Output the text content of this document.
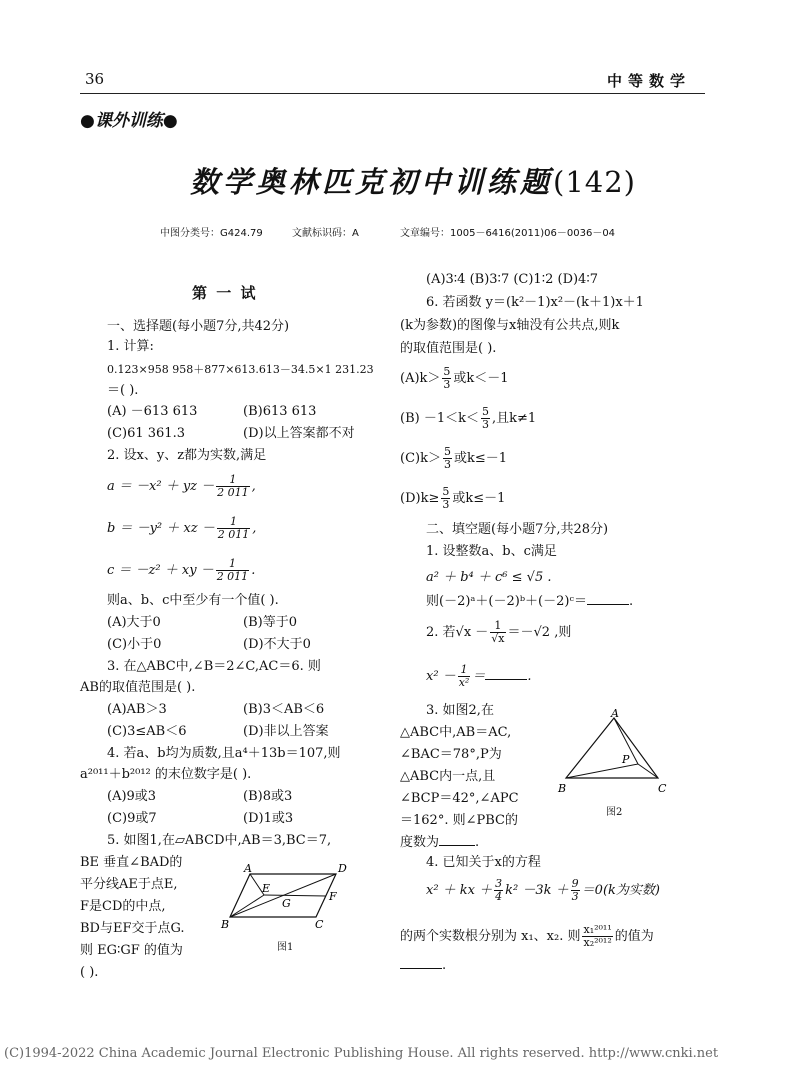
36	中等数学
●课外训练●
数学奥林匹克初中训练题(142)
中图分类号：G424.79	文献标识码：A	文章编号：1005－6416(2011)06－0036－04
第 一 试
一、选择题(每小题7分,共42分)
1. 计算:
0.123×958 958＋877×613.613－34.5×1 231.23
＝( ).
(A) －613 613	(B)613 613
(C)61 361.3	(D)以上答案都不对
2. 设x、y、z都为实数,满足
a ＝ －x² ＋ yz － $\frac{1}{2 011}$ ,
b ＝ －y² ＋ xz － $\frac{1}{2 011}$ ,
c ＝ －z² ＋ xy － $\frac{1}{2 011}$ .
则a、b、c中至少有一个值( ).
(A)大于0	(B)等于0
(C)小于0	(D)不大于0
3. 在△ABC中,∠B＝2∠C,AC＝6. 则
AB的取值范围是( ).
(A)AB＞3	(B)3＜AB＜6
(C)3≤AB＜6	(D)非以上答案
4. 若a、b均为质数,且a⁴＋13b＝107,则
a²⁰¹¹＋b²⁰¹² 的末位数字是( ).
(A)9或3	(B)8或3
(C)9或7	(D)1或3
5. 如图1,在▱ABCD中,AB＝3,BC＝7,
BE 垂直∠BAD的
平分线AE于点E,
F是CD的中点,
BD与EF交于点G.
则 EG∶GF 的值为
( ).
A	D
E
F
G
B	C
图1
(A)3∶4 (B)3∶7 (C)1∶2 (D)4∶7
6. 若函数 y＝(k²－1)x²－(k＋1)x＋1
(k为参数)的图像与x轴没有公共点,则k
的取值范围是( ).
$(A)k> \frac{5}{3}$ 或k＜－1
$(B) -1<k< \frac{5}{3}$ ,且k≠1
$(C)k> \frac{5}{3}$ 或k≤－1
$(D)k\ge \frac{5}{3}$ 或k≤－1
二、填空题(每小题7分,共28分)
1. 设整数a、b、c满足
a² ＋ b⁴ ＋ c⁶ ≤ √5 .
则(－2)ᵃ＋(－2)ᵇ＋(－2)ᶜ＝	.
2. 若$√x - \frac{1}{√x} =-√2$ ,则
$x^2 - \frac{1}{\text{x²}}$ ＝	.
3. 如图2,在
△ABC中,AB＝AC,
∠BAC＝78°,P为
△ABC内一点,且
∠BCP＝42°,∠APC
＝162°. 则∠PBC的
度数为	.
A
P
B	C
图2
4. 已知关于x的方程
x² ＋ kx ＋ $\frac{3}{4} k^2 -3k + \frac{9}{3} =0(k$为实数)
的两个实数根分别为 x₁、x₂. 则 $\frac{\text{x₁²⁰¹¹}}{\text{x₂²⁰¹²}}$ 的值为
.
(C)1994-2022 China Academic Journal Electronic Publishing House. All rights reserved. http://www.cnki.net
